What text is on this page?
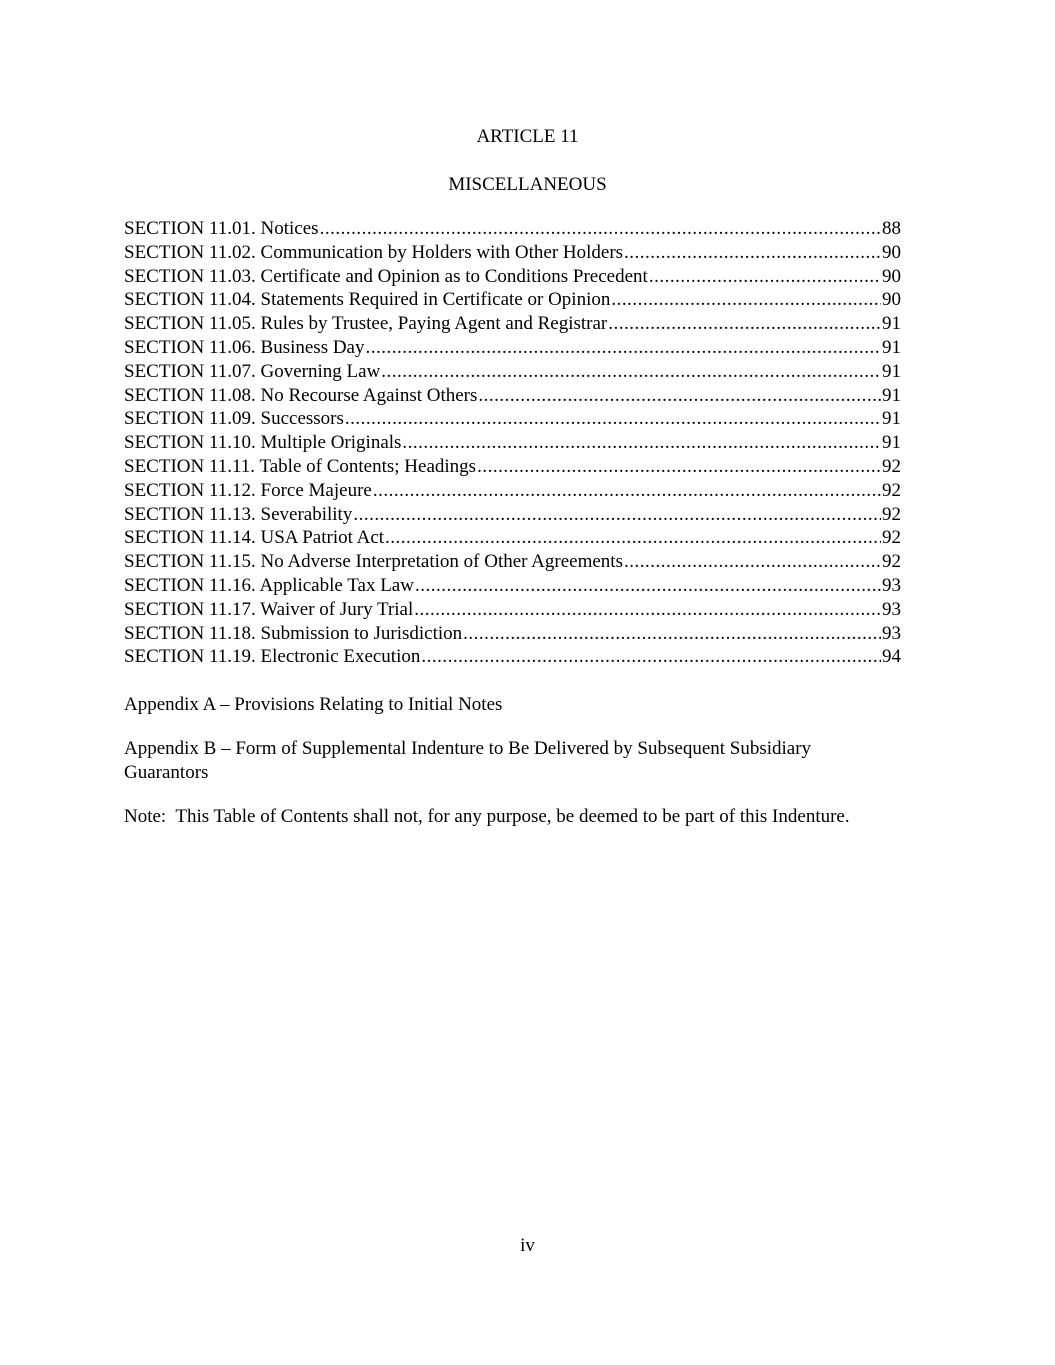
ARTICLE 11
MISCELLANEOUS
SECTION 11.01. Notices .....	88
SECTION 11.02. Communication by Holders with Other Holders .....	90
SECTION 11.03. Certificate and Opinion as to Conditions Precedent .....	90
SECTION 11.04. Statements Required in Certificate or Opinion .....	90
SECTION 11.05. Rules by Trustee, Paying Agent and Registrar .....	91
SECTION 11.06. Business Day .....	91
SECTION 11.07. Governing Law .....	91
SECTION 11.08. No Recourse Against Others .....	91
SECTION 11.09. Successors .....	91
SECTION 11.10. Multiple Originals .....	91
SECTION 11.11. Table of Contents; Headings .....	92
SECTION 11.12. Force Majeure .....	92
SECTION 11.13. Severability .....	92
SECTION 11.14. USA Patriot Act .....	92
SECTION 11.15. No Adverse Interpretation of Other Agreements .....	92
SECTION 11.16. Applicable Tax Law .....	93
SECTION 11.17. Waiver of Jury Trial .....	93
SECTION 11.18. Submission to Jurisdiction .....	93
SECTION 11.19. Electronic Execution .....	94
Appendix A – Provisions Relating to Initial Notes
Appendix B – Form of Supplemental Indenture to Be Delivered by Subsequent Subsidiary Guarantors
Note:  This Table of Contents shall not, for any purpose, be deemed to be part of this Indenture.
iv
